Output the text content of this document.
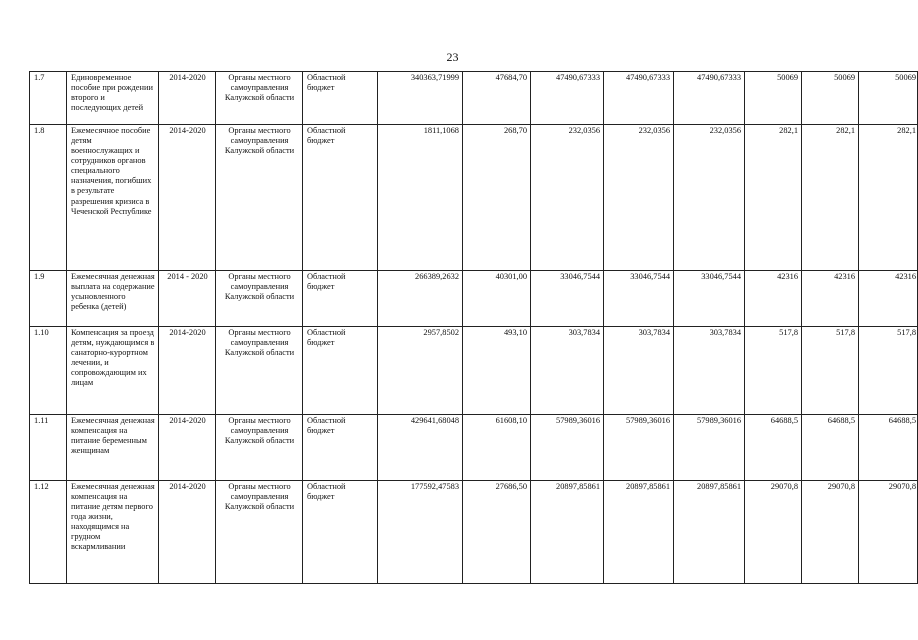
23
1.7	Единовременное пособие при рождении второго и последующих детей	2014-2020	Органы местного самоуправления Калужской области	Областной бюджет	340363,71999	47684,70	47490,67333	47490,67333	47490,67333	50069	50069	50069
1.8	Ежемесячное пособие детям военнослужащих и сотрудников органов специального назначения, погибших в результате разрешения кризиса в Чеченской Республике	2014-2020	Органы местного самоуправления Калужской области	Областной бюджет	1811,1068	268,70	232,0356	232,0356	232,0356	282,1	282,1	282,1
1.9	Ежемесячная денежная выплата на содержание усыновленного ребенка (детей)	2014 - 2020	Органы местного самоуправления Калужской области	Областной бюджет	266389,2632	40301,00	33046,7544	33046,7544	33046,7544	42316	42316	42316
1.10	Компенсация за проезд детям, нуждающимся в санаторно-курортном лечении, и сопровождающим их лицам	2014-2020	Органы местного самоуправления Калужской области	Областной бюджет	2957,8502	493,10	303,7834	303,7834	303,7834	517,8	517,8	517,8
1.11	Ежемесячная денежная компенсация на питание беременным женщинам	2014-2020	Органы местного самоуправления Калужской области	Областной бюджет	429641,68048	61608,10	57989,36016	57989,36016	57989,36016	64688,5	64688,5	64688,5
1.12	Ежемесячная денежная компенсация на питание детям первого года жизни, находящимся на грудном вскармливании	2014-2020	Органы местного самоуправления Калужской области	Областной бюджет	177592,47583	27686,50	20897,85861	20897,85861	20897,85861	29070,8	29070,8	29070,8
